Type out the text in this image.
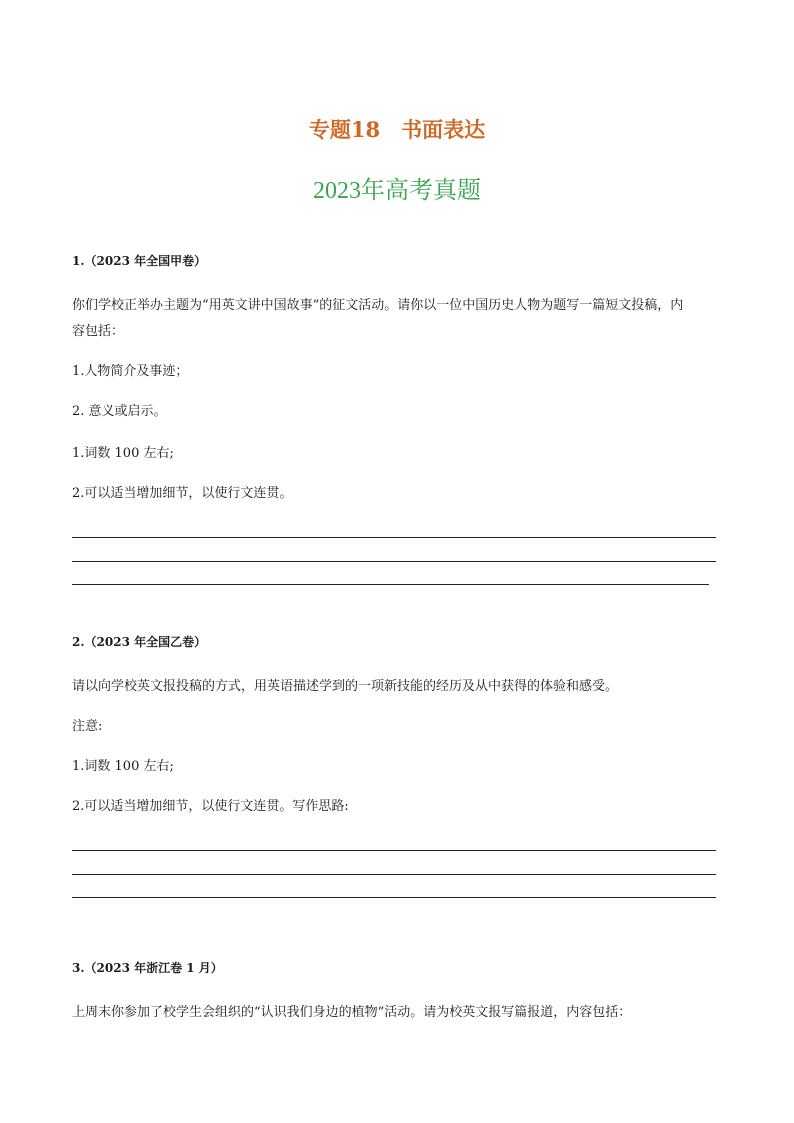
专题18　书面表达
2023年高考真题
1.（2023 年全国甲卷）
你们学校正举办主题为“用英文讲中国故事”的征文活动。请你以一位中国历史人物为题写一篇短文投稿，内
容包括：
1.人物简介及事迹；
2. 意义或启示。
1.词数 100 左右;
2.可以适当增加细节，以使行文连贯。
2.（2023 年全国乙卷）
请以向学校英文报投稿的方式，用英语描述学到的一项新技能的经历及从中获得的体验和感受。
注意:
1.词数 100 左右;
2.可以适当增加细节，以使行文连贯。写作思路:
3.（2023 年浙江卷 1 月）
上周末你参加了校学生会组织的“认识我们身边的植物”活动。请为校英文报写篇报道，内容包括：
